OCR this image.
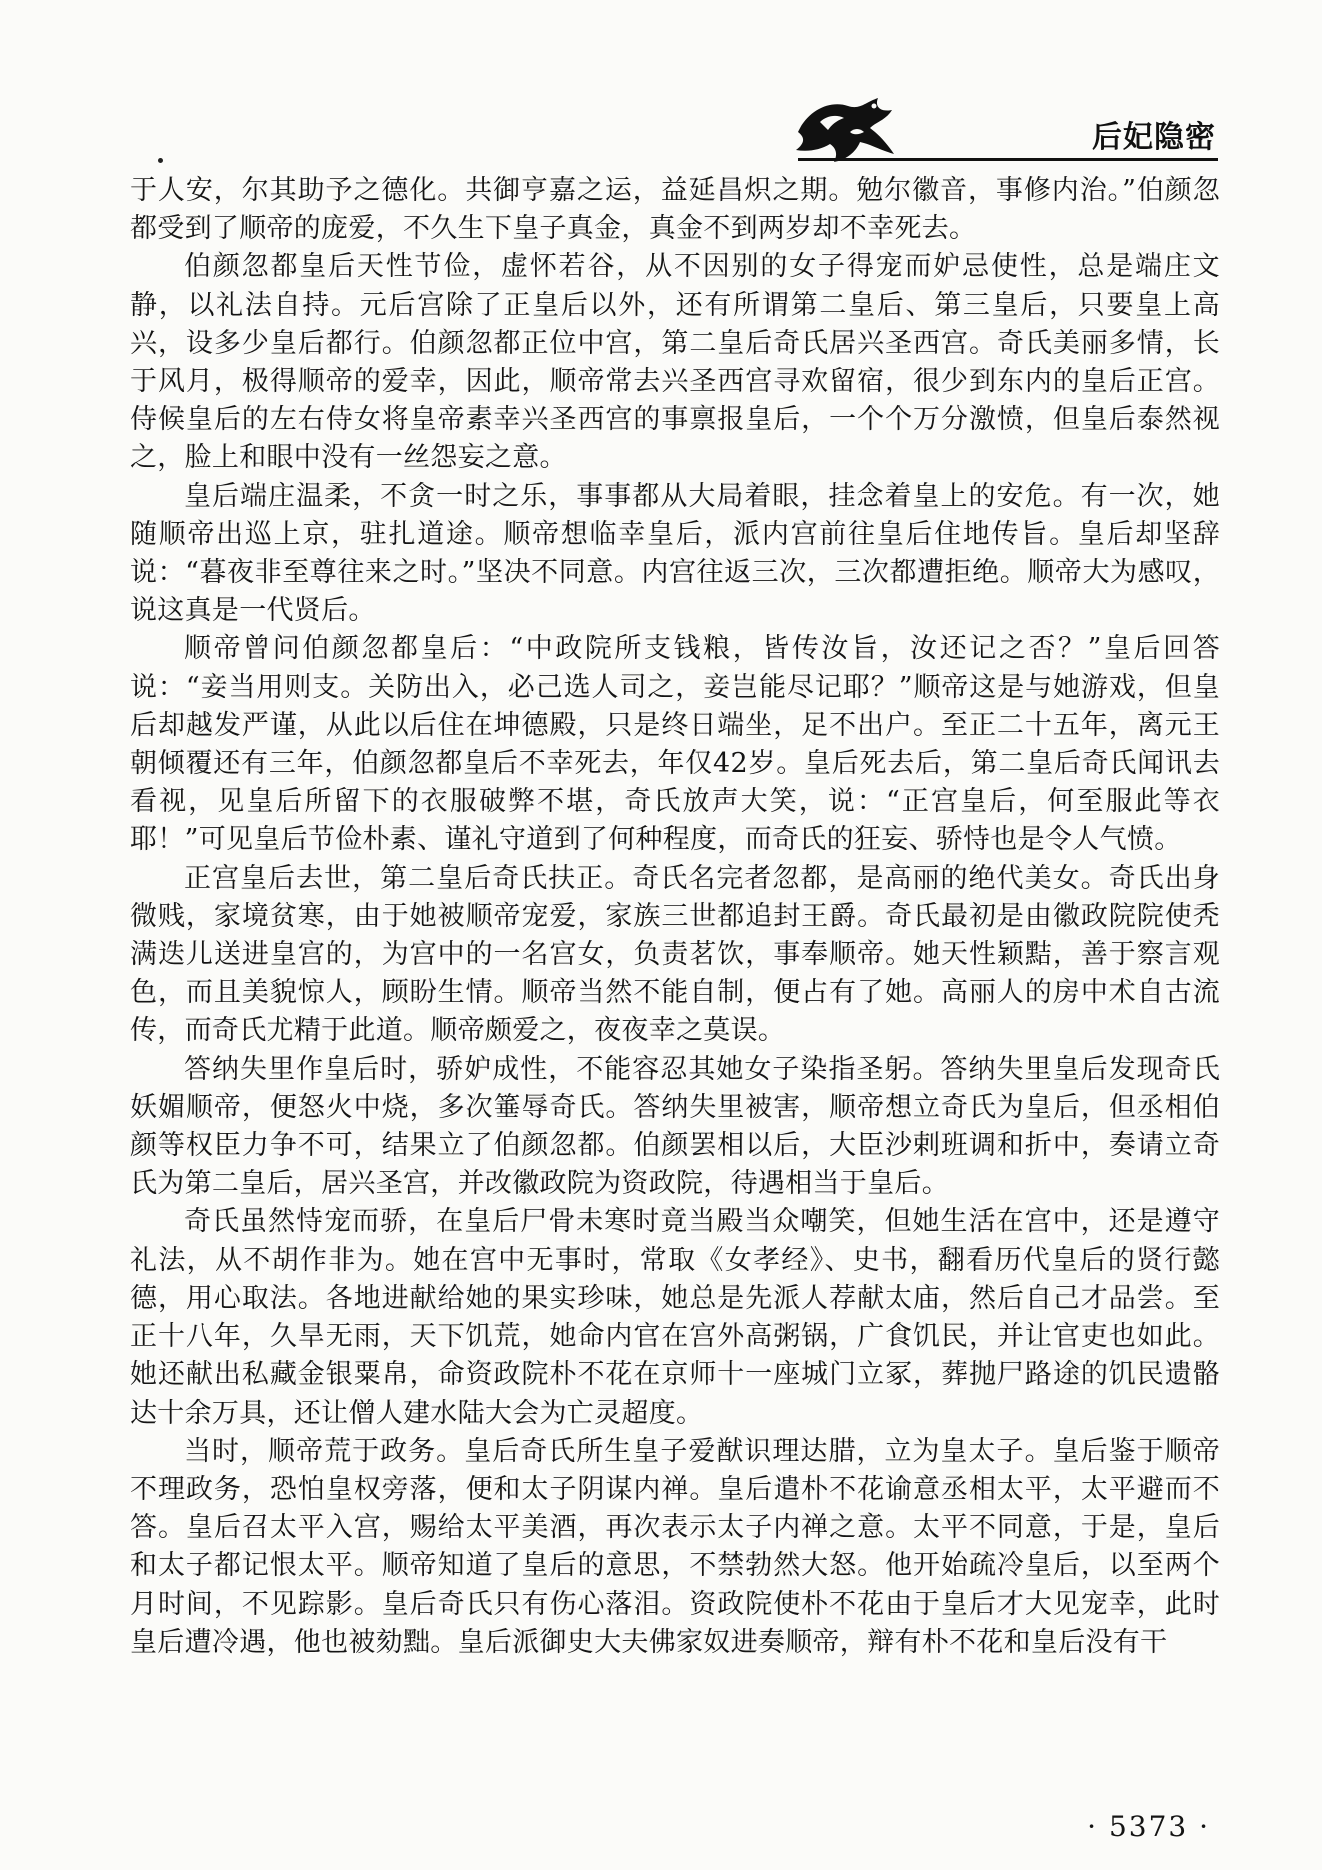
后妃隐密

于人安，尔其助予之德化。共御亨嘉之运，益延昌炽之期。勉尔徽音，事修内治。”伯颜忽都受到了顺帝的庞爱，不久生下皇子真金，真金不到两岁却不幸死去。

伯颜忽都皇后天性节俭，虚怀若谷，从不因别的女子得宠而妒忌使性，总是端庄文静，以礼法自持。元后宫除了正皇后以外，还有所谓第二皇后、第三皇后，只要皇上高兴，设多少皇后都行。伯颜忽都正位中宫，第二皇后奇氏居兴圣西宫。奇氏美丽多情，长于风月，极得顺帝的爱幸，因此，顺帝常去兴圣西宫寻欢留宿，很少到东内的皇后正宫。侍候皇后的左右侍女将皇帝素幸兴圣西宫的事禀报皇后，一个个万分激愤，但皇后泰然视之，脸上和眼中没有一丝怨妄之意。

皇后端庄温柔，不贪一时之乐，事事都从大局着眼，挂念着皇上的安危。有一次，她随顺帝出巡上京，驻扎道途。顺帝想临幸皇后，派内宫前往皇后住地传旨。皇后却坚辞说：“暮夜非至尊往来之时。”坚决不同意。内宫往返三次，三次都遭拒绝。顺帝大为感叹，说这真是一代贤后。

顺帝曾问伯颜忽都皇后：“中政院所支钱粮，皆传汝旨，汝还记之否？”皇后回答说：“妾当用则支。关防出入，必己选人司之，妾岂能尽记耶？”顺帝这是与她游戏，但皇后却越发严谨，从此以后住在坤德殿，只是终日端坐，足不出户。至正二十五年，离元王朝倾覆还有三年，伯颜忽都皇后不幸死去，年仅42岁。皇后死去后，第二皇后奇氏闻讯去看视，见皇后所留下的衣服破弊不堪，奇氏放声大笑，说：“正宫皇后，何至服此等衣耶！”可见皇后节俭朴素、谨礼守道到了何种程度，而奇氏的狂妄、骄恃也是令人气愤。

正宫皇后去世，第二皇后奇氏扶正。奇氏名完者忽都，是高丽的绝代美女。奇氏出身微贱，家境贫寒，由于她被顺帝宠爱，家族三世都追封王爵。奇氏最初是由徽政院院使秃满迭儿送进皇宫的，为宫中的一名宫女，负责茗饮，事奉顺帝。她天性颖黠，善于察言观色，而且美貌惊人，顾盼生情。顺帝当然不能自制，便占有了她。高丽人的房中术自古流传，而奇氏尤精于此道。顺帝颇爱之，夜夜幸之莫误。

答纳失里作皇后时，骄妒成性，不能容忍其她女子染指圣躬。答纳失里皇后发现奇氏妖媚顺帝，便怒火中烧，多次箠辱奇氏。答纳失里被害，顺帝想立奇氏为皇后，但丞相伯颜等权臣力争不可，结果立了伯颜忽都。伯颜罢相以后，大臣沙剌班调和折中，奏请立奇氏为第二皇后，居兴圣宫，并改徽政院为资政院，待遇相当于皇后。

奇氏虽然恃宠而骄，在皇后尸骨未寒时竟当殿当众嘲笑，但她生活在宫中，还是遵守礼法，从不胡作非为。她在宫中无事时，常取《女孝经》、史书，翻看历代皇后的贤行懿德，用心取法。各地进献给她的果实珍味，她总是先派人荐献太庙，然后自己才品尝。至正十八年，久旱无雨，天下饥荒，她命内官在宫外高粥锅，广食饥民，并让官吏也如此。她还献出私藏金银粟帛，命资政院朴不花在京师十一座城门立冢，葬抛尸路途的饥民遗骼达十余万具，还让僧人建水陆大会为亡灵超度。

当时，顺帝荒于政务。皇后奇氏所生皇子爱猷识理达腊，立为皇太子。皇后鉴于顺帝不理政务，恐怕皇权旁落，便和太子阴谋内禅。皇后遣朴不花谕意丞相太平，太平避而不答。皇后召太平入宫，赐给太平美酒，再次表示太子内禅之意。太平不同意，于是，皇后和太子都记恨太平。顺帝知道了皇后的意思，不禁勃然大怒。他开始疏冷皇后，以至两个月时间，不见踪影。皇后奇氏只有伤心落泪。资政院使朴不花由于皇后才大见宠幸，此时皇后遭冷遇，他也被劾黜。皇后派御史大夫佛家奴进奏顺帝，辩有朴不花和皇后没有干

· 5373 ·
